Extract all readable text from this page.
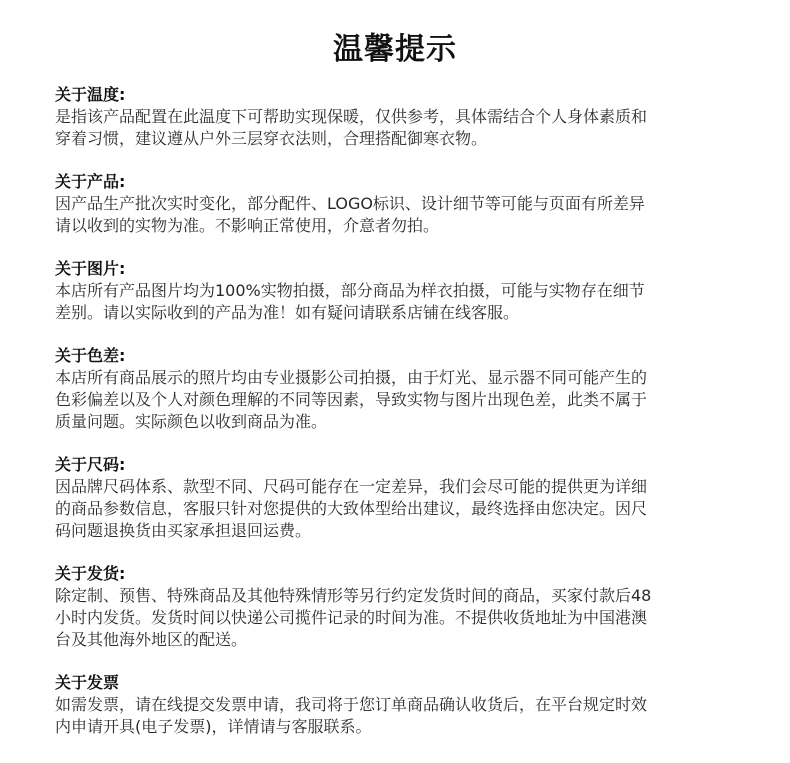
温馨提示
关于温度:
是指该产品配置在此温度下可帮助实现保暖，仅供参考，具体需结合个人身体素质和
穿着习惯，建议遵从户外三层穿衣法则，合理搭配御寒衣物。
关于产品:
因产品生产批次实时变化，部分配件、LOGO标识、设计细节等可能与页面有所差异
请以收到的实物为准。不影响正常使用，介意者勿拍。
关于图片:
本店所有产品图片均为100%实物拍摄，部分商品为样衣拍摄，可能与实物存在细节
差别。请以实际收到的产品为准！如有疑问请联系店铺在线客服。
关于色差:
本店所有商品展示的照片均由专业摄影公司拍摄，由于灯光、显示器不同可能产生的
色彩偏差以及个人对颜色理解的不同等因素，导致实物与图片出现色差，此类不属于
质量问题。实际颜色以收到商品为准。
关于尺码:
因品牌尺码体系、款型不同、尺码可能存在一定差异，我们会尽可能的提供更为详细
的商品参数信息，客服只针对您提供的大致体型给出建议，最终选择由您决定。因尺
码问题退换货由买家承担退回运费。
关于发货:
除定制、预售、特殊商品及其他特殊情形等另行约定发货时间的商品，买家付款后48
小时内发货。发货时间以快递公司揽件记录的时间为准。不提供收货地址为中国港澳
台及其他海外地区的配送。
关于发票
如需发票，请在线提交发票申请，我司将于您订单商品确认收货后，在平台规定时效
内申请开具(电子发票)，详情请与客服联系。
